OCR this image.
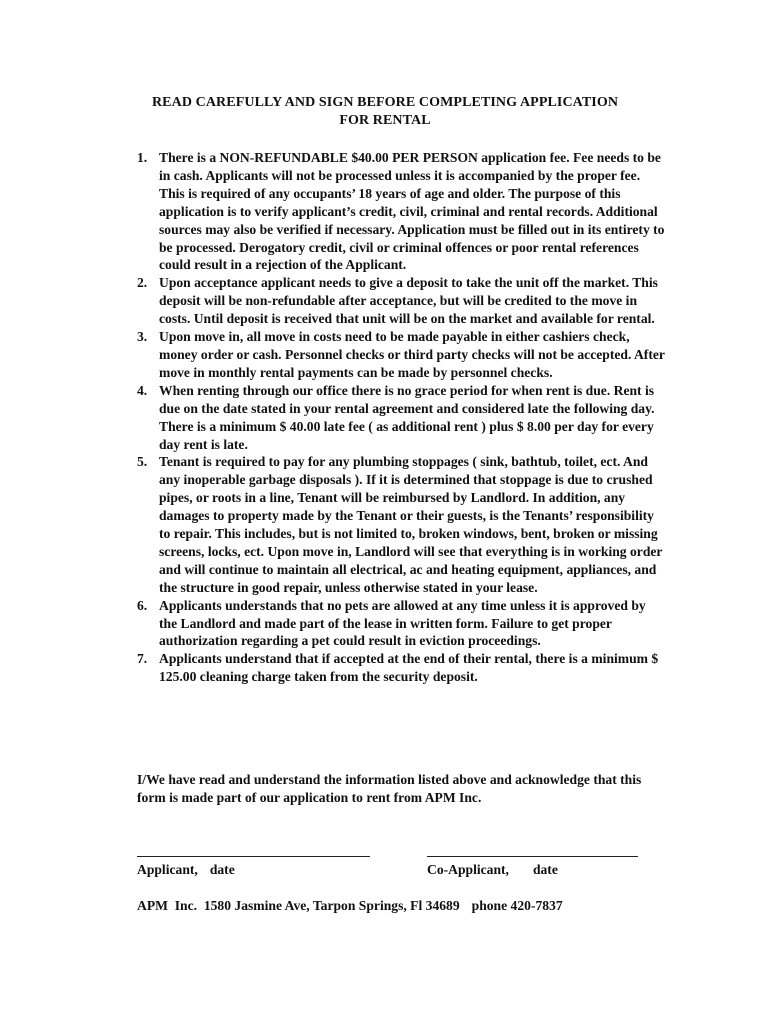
READ CAREFULLY AND SIGN BEFORE COMPLETING APPLICATION
FOR RENTAL
1. There is a NON-REFUNDABLE $40.00 PER PERSON application fee. Fee needs to be in cash. Applicants will not be processed unless it is accompanied by the proper fee. This is required of any occupants’ 18 years of age and older. The purpose of this application is to verify applicant’s credit, civil, criminal and rental records. Additional sources may also be verified if necessary. Application must be filled out in its entirety to be processed. Derogatory credit, civil or criminal offences or poor rental references could result in a rejection of the Applicant.
2. Upon acceptance applicant needs to give a deposit to take the unit off the market. This deposit will be non-refundable after acceptance, but will be credited to the move in costs. Until deposit is received that unit will be on the market and available for rental.
3. Upon move in, all move in costs need to be made payable in either cashiers check, money order or cash. Personnel checks or third party checks will not be accepted. After move in monthly rental payments can be made by personnel checks.
4. When renting through our office there is no grace period for when rent is due. Rent is due on the date stated in your rental agreement and considered late the following day. There is a minimum $ 40.00 late fee ( as additional rent ) plus $ 8.00 per day for every day rent is late.
5. Tenant is required to pay for any plumbing stoppages ( sink, bathtub, toilet, ect. And any inoperable garbage disposals ). If it is determined that stoppage is due to crushed pipes, or roots in a line, Tenant will be reimbursed by Landlord. In addition, any damages to property made by the Tenant or their guests, is the Tenants’ responsibility to repair. This includes, but is not limited to, broken windows, bent, broken or missing screens, locks, ect. Upon move in, Landlord will see that everything is in working order and will continue to maintain all electrical, ac and heating equipment, appliances, and the structure in good repair, unless otherwise stated in your lease.
6. Applicants understands that no pets are allowed at any time unless it is approved by the Landlord and made part of the lease in written form. Failure to get proper authorization regarding a pet could result in eviction proceedings.
7. Applicants understand that if accepted at the end of their rental, there is a minimum $ 125.00 cleaning charge taken from the security deposit.
I/We have read and understand the information listed above and acknowledge that this form is made part of our application to rent from APM Inc.
Applicant, date	Co-Applicant, date
APM  Inc.  1580 Jasmine Ave, Tarpon Springs, Fl 34689 phone 420-7837
